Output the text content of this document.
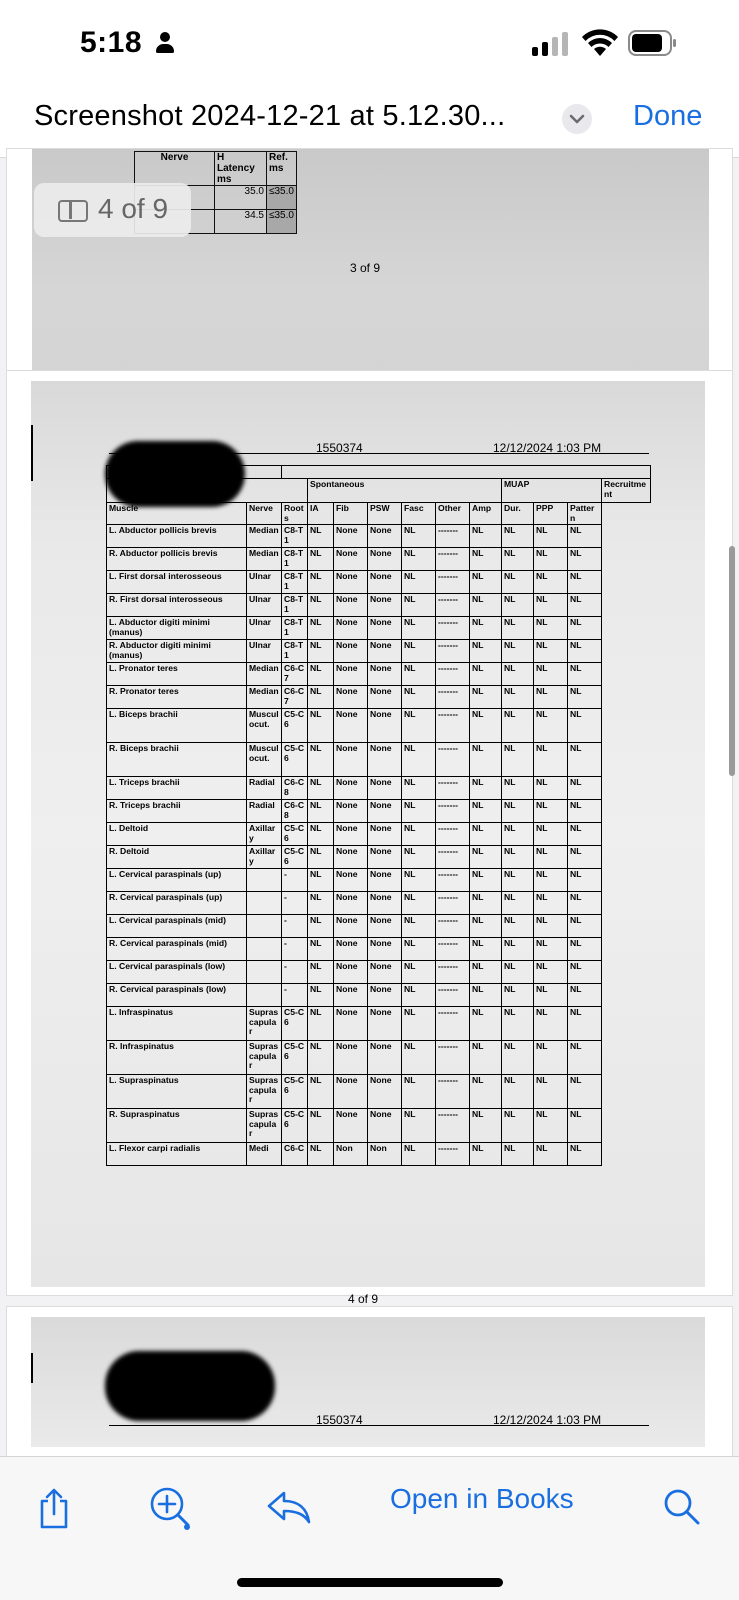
5:18
Screenshot 2024-12-21 at 5.12.30...	Done
Nerve	H Latency ms	Ref. ms
	35.0	≤35.0
	34.5	≤35.0
3 of 9
4 of 9
1550374	12/12/2024 1:03 PM
EMG Summary Table												
			Spontaneous						MUAP			Recruitment
Muscle	Nerve	Roots	IA	Fib	PSW	Fasc	Other	Amp	Dur.	PPP	Pattern	
L. Abductor pollicis brevis	Median	C8-T1	NL	None	None	NL	-------	NL	NL	NL	NL	
R. Abductor pollicis brevis	Median	C8-T1	NL	None	None	NL	-------	NL	NL	NL	NL	
L. First dorsal interosseous	Ulnar	C8-T1	NL	None	None	NL	-------	NL	NL	NL	NL	
R. First dorsal interosseous	Ulnar	C8-T1	NL	None	None	NL	-------	NL	NL	NL	NL	
L. Abductor digiti minimi (manus)	Ulnar	C8-T1	NL	None	None	NL	-------	NL	NL	NL	NL	
R. Abductor digiti minimi (manus)	Ulnar	C8-T1	NL	None	None	NL	-------	NL	NL	NL	NL	
L. Pronator teres	Median	C6-C7	NL	None	None	NL	-------	NL	NL	NL	NL	
R. Pronator teres	Median	C6-C7	NL	None	None	NL	-------	NL	NL	NL	NL	
L. Biceps brachii	Musculocut.	C5-C6	NL	None	None	NL	-------	NL	NL	NL	NL	
R. Biceps brachii	Musculocut.	C5-C6	NL	None	None	NL	-------	NL	NL	NL	NL	
L. Triceps brachii	Radial	C6-C8	NL	None	None	NL	-------	NL	NL	NL	NL	
R. Triceps brachii	Radial	C6-C8	NL	None	None	NL	-------	NL	NL	NL	NL	
L. Deltoid	Axillary	C5-C6	NL	None	None	NL	-------	NL	NL	NL	NL	
R. Deltoid	Axillary	C5-C6	NL	None	None	NL	-------	NL	NL	NL	NL	
L. Cervical paraspinals (up)		-	NL	None	None	NL	-------	NL	NL	NL	NL	
R. Cervical paraspinals (up)		-	NL	None	None	NL	-------	NL	NL	NL	NL	
L. Cervical paraspinals (mid)		-	NL	None	None	NL	-------	NL	NL	NL	NL	
R. Cervical paraspinals (mid)		-	NL	None	None	NL	-------	NL	NL	NL	NL	
L. Cervical paraspinals (low)		-	NL	None	None	NL	-------	NL	NL	NL	NL	
R. Cervical paraspinals (low)		-	NL	None	None	NL	-------	NL	NL	NL	NL	
L. Infraspinatus	Suprascapular	C5-C6	NL	None	None	NL	-------	NL	NL	NL	NL	
R. Infraspinatus	Suprascapular	C5-C6	NL	None	None	NL	-------	NL	NL	NL	NL	
L. Supraspinatus	Suprascapular	C5-C6	NL	None	None	NL	-------	NL	NL	NL	NL	
R. Supraspinatus	Suprascapular	C5-C6	NL	None	None	NL	-------	NL	NL	NL	NL	
L. Flexor carpi radialis	Medi	C6-C	NL	Non	Non	NL	-------	NL	NL	NL	NL	
4 of 9
1550374	12/12/2024 1:03 PM
Open in Books
